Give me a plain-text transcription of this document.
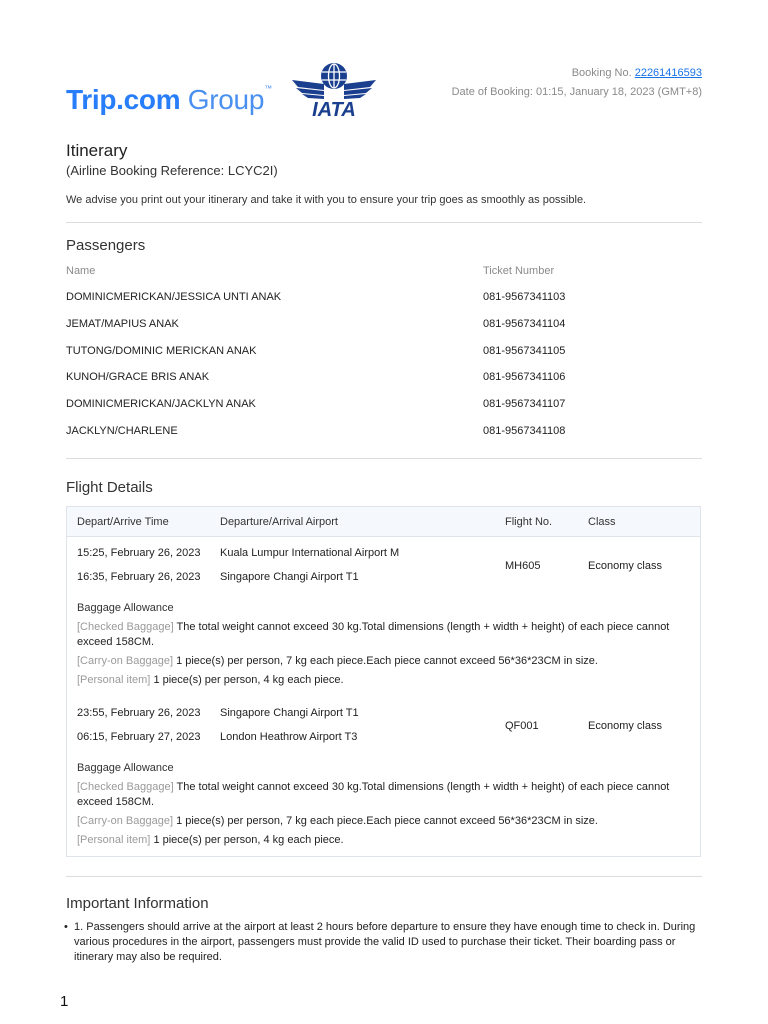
Trip.com Group™
IATA
Booking No. 22261416593
Date of Booking: 01:15, January 18, 2023 (GMT+8)
Itinerary
(Airline Booking Reference: LCYC2I)
We advise you print out your itinerary and take it with you to ensure your trip goes as smoothly as possible.
Passengers
Name	Ticket Number
DOMINICMERICKAN/JESSICA UNTI ANAK	081-9567341103
JEMAT/MAPIUS ANAK	081-9567341104
TUTONG/DOMINIC MERICKAN ANAK	081-9567341105
KUNOH/GRACE BRIS ANAK	081-9567341106
DOMINICMERICKAN/JACKLYN ANAK	081-9567341107
JACKLYN/CHARLENE	081-9567341108
Flight Details
Depart/Arrive Time	Departure/Arrival Airport	Flight No.	Class
15:25, February 26, 2023 Kuala Lumpur International Airport M
16:35, February 26, 2023 Singapore Changi Airport T1
MH605	Economy class
Baggage Allowance
[Checked Baggage] The total weight cannot exceed 30 kg.Total dimensions (length + width + height) of each piece cannot exceed 158CM.
[Carry-on Baggage] 1 piece(s) per person, 7 kg each piece.Each piece cannot exceed 56*36*23CM in size.
[Personal item] 1 piece(s) per person, 4 kg each piece.
23:55, February 26, 2023 Singapore Changi Airport T1
06:15, February 27, 2023 London Heathrow Airport T3
QF001	Economy class
Baggage Allowance
[Checked Baggage] The total weight cannot exceed 30 kg.Total dimensions (length + width + height) of each piece cannot exceed 158CM.
[Carry-on Baggage] 1 piece(s) per person, 7 kg each piece.Each piece cannot exceed 56*36*23CM in size.
[Personal item] 1 piece(s) per person, 4 kg each piece.
Important Information
• 1. Passengers should arrive at the airport at least 2 hours before departure to ensure they have enough time to check in. During various procedures in the airport, passengers must provide the valid ID used to purchase their ticket. Their boarding pass or itinerary may also be required.
1
